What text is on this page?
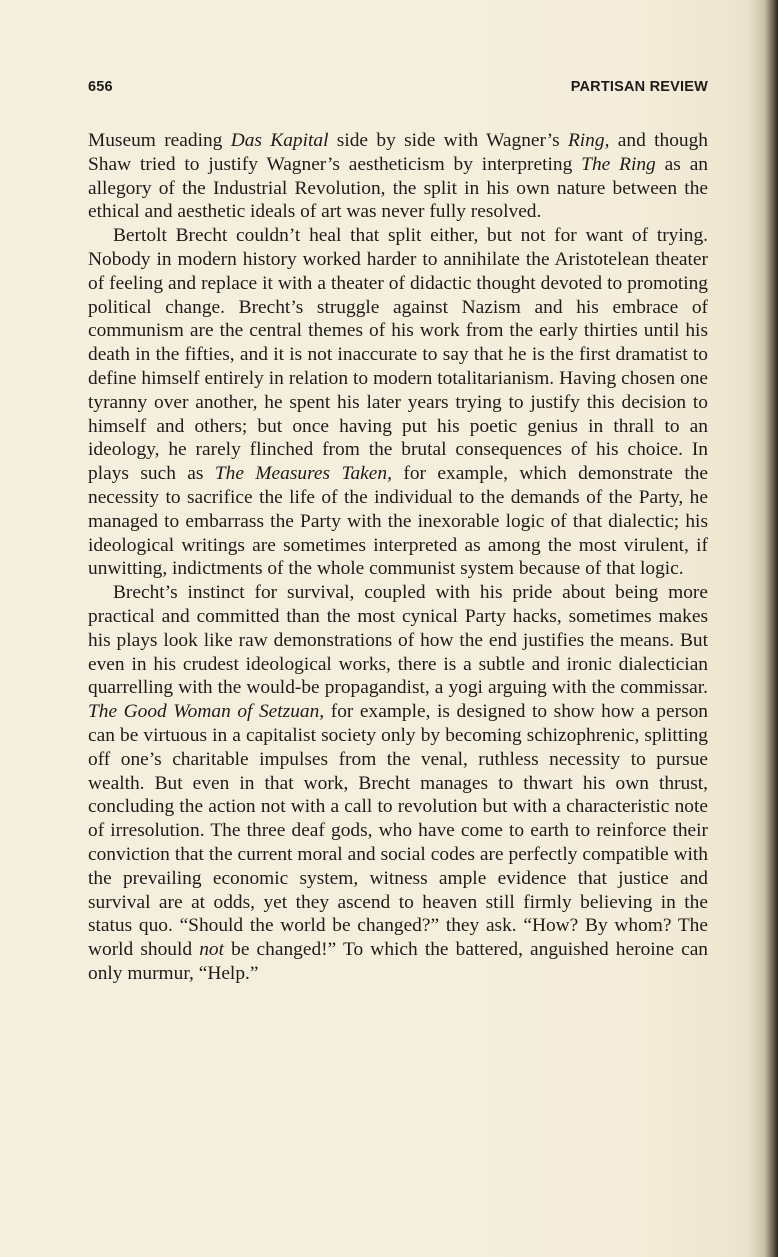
656	PARTISAN REVIEW

Museum reading Das Kapital side by side with Wagner’s Ring, and though Shaw tried to justify Wagner’s aestheticism by interpreting The Ring as an allegory of the Industrial Revolution, the split in his own nature between the ethical and aesthetic ideals of art was never fully resolved.

Bertolt Brecht couldn’t heal that split either, but not for want of trying. Nobody in modern history worked harder to annihilate the Aristotelean theater of feeling and replace it with a theater of didactic thought devoted to promoting political change. Brecht’s struggle against Nazism and his embrace of communism are the central themes of his work from the early thirties until his death in the fifties, and it is not inaccurate to say that he is the first dramatist to define himself entirely in relation to modern totalitarianism. Having chosen one tyranny over another, he spent his later years trying to justify this decision to himself and others; but once having put his poetic genius in thrall to an ideology, he rarely flinched from the brutal consequences of his choice. In plays such as The Measures Taken, for example, which demonstrate the necessity to sacrifice the life of the individual to the demands of the Party, he managed to embarrass the Party with the inexorable logic of that dialectic; his ideological writings are sometimes interpreted as among the most virulent, if unwitting, indictments of the whole communist system because of that logic.

Brecht’s instinct for survival, coupled with his pride about being more practical and committed than the most cynical Party hacks, sometimes makes his plays look like raw demonstrations of how the end justifies the means. But even in his crudest ideological works, there is a subtle and ironic dialectician quarrelling with the would-be propagandist, a yogi arguing with the commissar. The Good Woman of Setzuan, for example, is designed to show how a person can be virtuous in a capitalist society only by becoming schizophrenic, splitting off one’s charitable impulses from the venal, ruthless necessity to pursue wealth. But even in that work, Brecht manages to thwart his own thrust, concluding the action not with a call to revolution but with a characteristic note of irresolution. The three deaf gods, who have come to earth to reinforce their conviction that the current moral and social codes are perfectly compatible with the prevailing economic system, witness ample evidence that justice and survival are at odds, yet they ascend to heaven still firmly believing in the status quo. “Should the world be changed?” they ask. “How? By whom? The world should not be changed!” To which the battered, anguished heroine can only murmur, “Help.”
